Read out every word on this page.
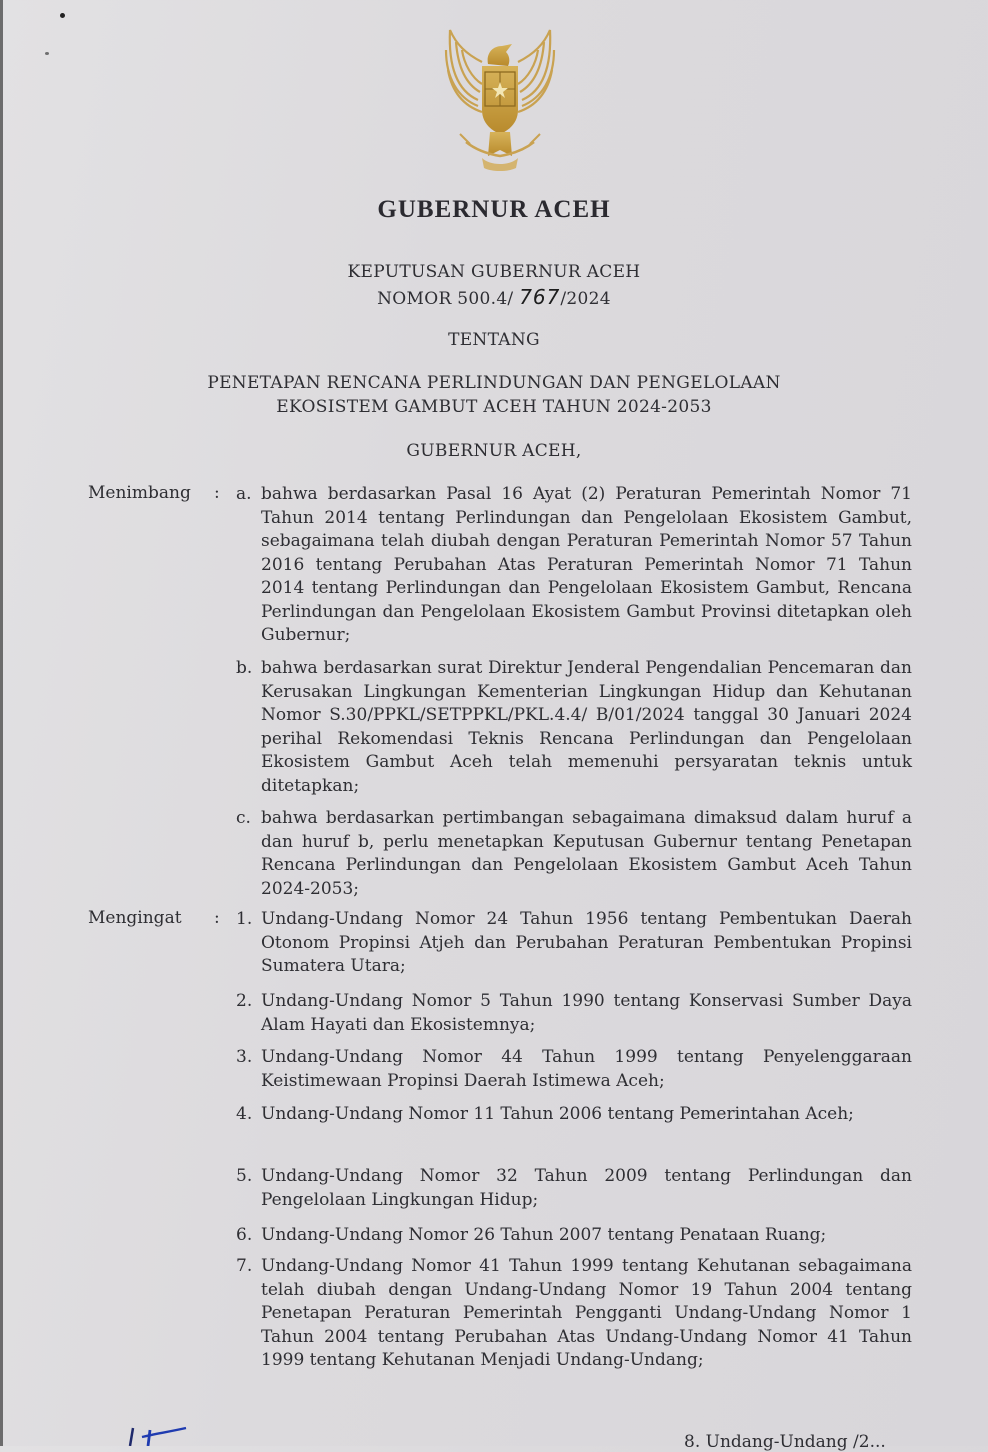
GUBERNUR ACEH
KEPUTUSAN GUBERNUR ACEH
NOMOR 500.4/ 767/2024
TENTANG
PENETAPAN RENCANA PERLINDUNGAN DAN PENGELOLAAN
EKOSISTEM GAMBUT ACEH TAHUN 2024-2053
GUBERNUR ACEH,
Menimbang : a. bahwa berdasarkan Pasal 16 Ayat (2) Peraturan Pemerintah Nomor 71 Tahun 2014 tentang Perlindungan dan Pengelolaan Ekosistem Gambut, sebagaimana telah diubah dengan Peraturan Pemerintah Nomor 57 Tahun 2016 tentang Perubahan Atas Peraturan Pemerintah Nomor 71 Tahun 2014 tentang Perlindungan dan Pengelolaan Ekosistem Gambut, Rencana Perlindungan dan Pengelolaan Ekosistem Gambut Provinsi ditetapkan oleh Gubernur;
b. bahwa berdasarkan surat Direktur Jenderal Pengendalian Pencemaran dan Kerusakan Lingkungan Kementerian Lingkungan Hidup dan Kehutanan Nomor S.30/PPKL/SETPPKL/PKL.4.4/ B/01/2024 tanggal 30 Januari 2024 perihal Rekomendasi Teknis Rencana Perlindungan dan Pengelolaan Ekosistem Gambut Aceh telah memenuhi persyaratan teknis untuk ditetapkan;
c. bahwa berdasarkan pertimbangan sebagaimana dimaksud dalam huruf a dan huruf b, perlu menetapkan Keputusan Gubernur tentang Penetapan Rencana Perlindungan dan Pengelolaan Ekosistem Gambut Aceh Tahun 2024-2053;
Mengingat : 1. Undang-Undang Nomor 24 Tahun 1956 tentang Pembentukan Daerah Otonom Propinsi Atjeh dan Perubahan Peraturan Pembentukan Propinsi Sumatera Utara;
2. Undang-Undang Nomor 5 Tahun 1990 tentang Konservasi Sumber Daya Alam Hayati dan Ekosistemnya;
3. Undang-Undang Nomor 44 Tahun 1999 tentang Penyelenggaraan Keistimewaan Propinsi Daerah Istimewa Aceh;
4. Undang-Undang Nomor 11 Tahun 2006 tentang Pemerintahan Aceh;
5. Undang-Undang Nomor 32 Tahun 2009 tentang Perlindungan dan Pengelolaan Lingkungan Hidup;
6. Undang-Undang Nomor 26 Tahun 2007 tentang Penataan Ruang;
7. Undang-Undang Nomor 41 Tahun 1999 tentang Kehutanan sebagaimana telah diubah dengan Undang-Undang Nomor 19 Tahun 2004 tentang Penetapan Peraturan Pemerintah Pengganti Undang-Undang Nomor 1 Tahun 2004 tentang Perubahan Atas Undang-Undang Nomor 41 Tahun 1999 tentang Kehutanan Menjadi Undang-Undang;
8. Undang-Undang /2...
